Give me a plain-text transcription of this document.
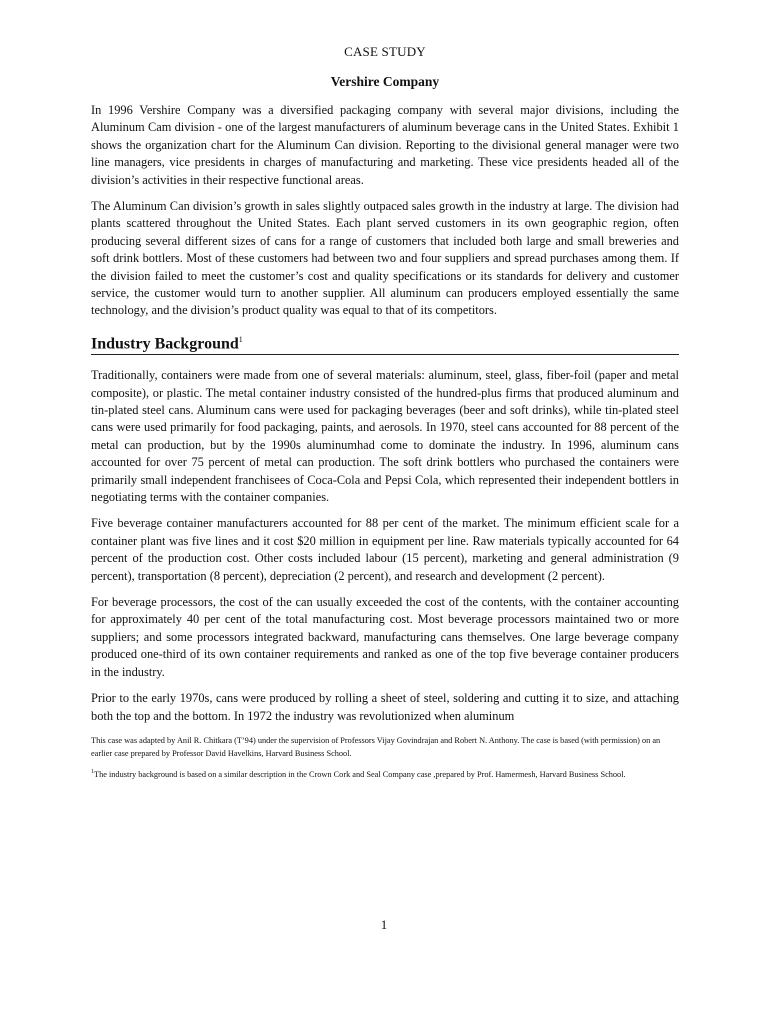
CASE STUDY
Vershire Company

In 1996 Vershire Company was a diversified packaging company with several major divisions, including the Aluminum Cam division - one of the largest manufacturers of aluminum beverage cans in the United States. Exhibit 1 shows the organization chart for the Aluminum Can division. Reporting to the divisional general manager were two line managers, vice presidents in charges of manufacturing and marketing. These vice presidents headed all of the division’s activities in their respective functional areas.

The Aluminum Can division’s growth in sales slightly outpaced sales growth in the industry at large. The division had plants scattered throughout the United States. Each plant served customers in its own geographic region, often producing several different sizes of cans for a range of customers that included both large and small breweries and soft drink bottlers. Most of these customers had between two and four suppliers and spread purchases among them. If the division failed to meet the customer’s cost and quality specifications or its standards for delivery and customer service, the customer would turn to another supplier. All aluminum can producers employed essentially the same technology, and the division’s product quality was equal to that of its competitors.

Industry Background$^1$

Traditionally, containers were made from one of several materials: aluminum, steel, glass, fiber-foil (paper and metal composite), or plastic. The metal container industry consisted of the hundred-plus firms that produced aluminum and tin-plated steel cans. Aluminum cans were used for packaging beverages (beer and soft drinks), while tin-plated steel cans were used primarily for food packaging, paints, and aerosols. In 1970, steel cans accounted for 88 percent of the metal can production, but by the 1990s aluminumhad come to dominate the industry. In 1996, aluminum cans accounted for over 75 percent of metal can production. The soft drink bottlers who purchased the containers were primarily small independent franchisees of Coca-Cola and Pepsi Cola, which represented their independent bottlers in negotiating terms with the container companies.

Five beverage container manufacturers accounted for 88 per cent of the market. The minimum efficient scale for a container plant was five lines and it cost $20 million in equipment per line. Raw materials typically accounted for 64 percent of the production cost. Other costs included labour (15 percent), marketing and general administration (9 percent), transportation (8 percent), depreciation (2 percent), and research and development (2 percent).

For beverage processors, the cost of the can usually exceeded the cost of the contents, with the container accounting for approximately 40 per cent of the total manufacturing cost. Most beverage processors maintained two or more suppliers; and some processors integrated backward, manufacturing cans themselves. One large beverage company produced one-third of its own container requirements and ranked as one of the top five beverage container producers in the industry.

Prior to the early 1970s, cans were produced by rolling a sheet of steel, soldering and cutting it to size, and attaching both the top and the bottom. In 1972 the industry was revolutionized when aluminum

This case was adapted by Anil R. Chitkara (T’94) under the supervision of Professors Vijay Govindrajan and Robert N. Anthony. The case is based (with permission) on an earlier case prepared by Professor David Havelkins, Harvard Business School.

$^1$The industry background is based on a similar description in the Crown Cork and Seal Company case ,prepared by Prof. Hamermesh, Harvard Business School.

1
